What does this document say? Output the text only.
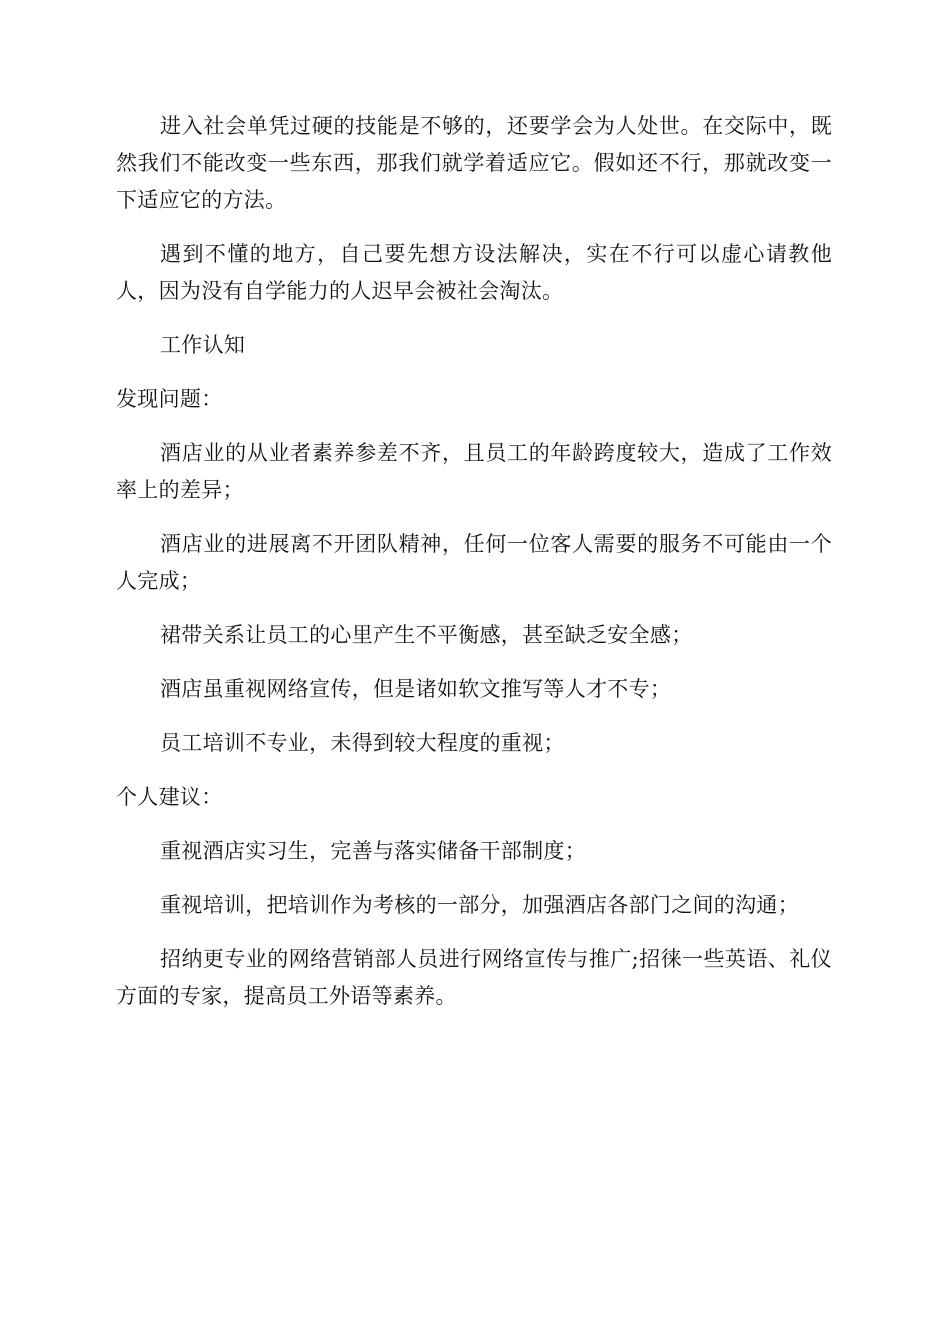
进入社会单凭过硬的技能是不够的，还要学会为人处世。在交际中，既然我们不能改变一些东西，那我们就学着适应它。假如还不行，那就改变一下适应它的方法。

遇到不懂的地方，自己要先想方设法解决，实在不行可以虚心请教他人，因为没有自学能力的人迟早会被社会淘汰。

工作认知

发现问题：

酒店业的从业者素养参差不齐，且员工的年龄跨度较大，造成了工作效率上的差异；

酒店业的进展离不开团队精神，任何一位客人需要的服务不可能由一个人完成；

裙带关系让员工的心里产生不平衡感，甚至缺乏安全感；

酒店虽重视网络宣传，但是诸如软文推写等人才不专；

员工培训不专业，未得到较大程度的重视；

个人建议：

重视酒店实习生，完善与落实储备干部制度；

重视培训，把培训作为考核的一部分，加强酒店各部门之间的沟通；

招纳更专业的网络营销部人员进行网络宣传与推广;招徕一些英语、礼仪方面的专家，提高员工外语等素养。
